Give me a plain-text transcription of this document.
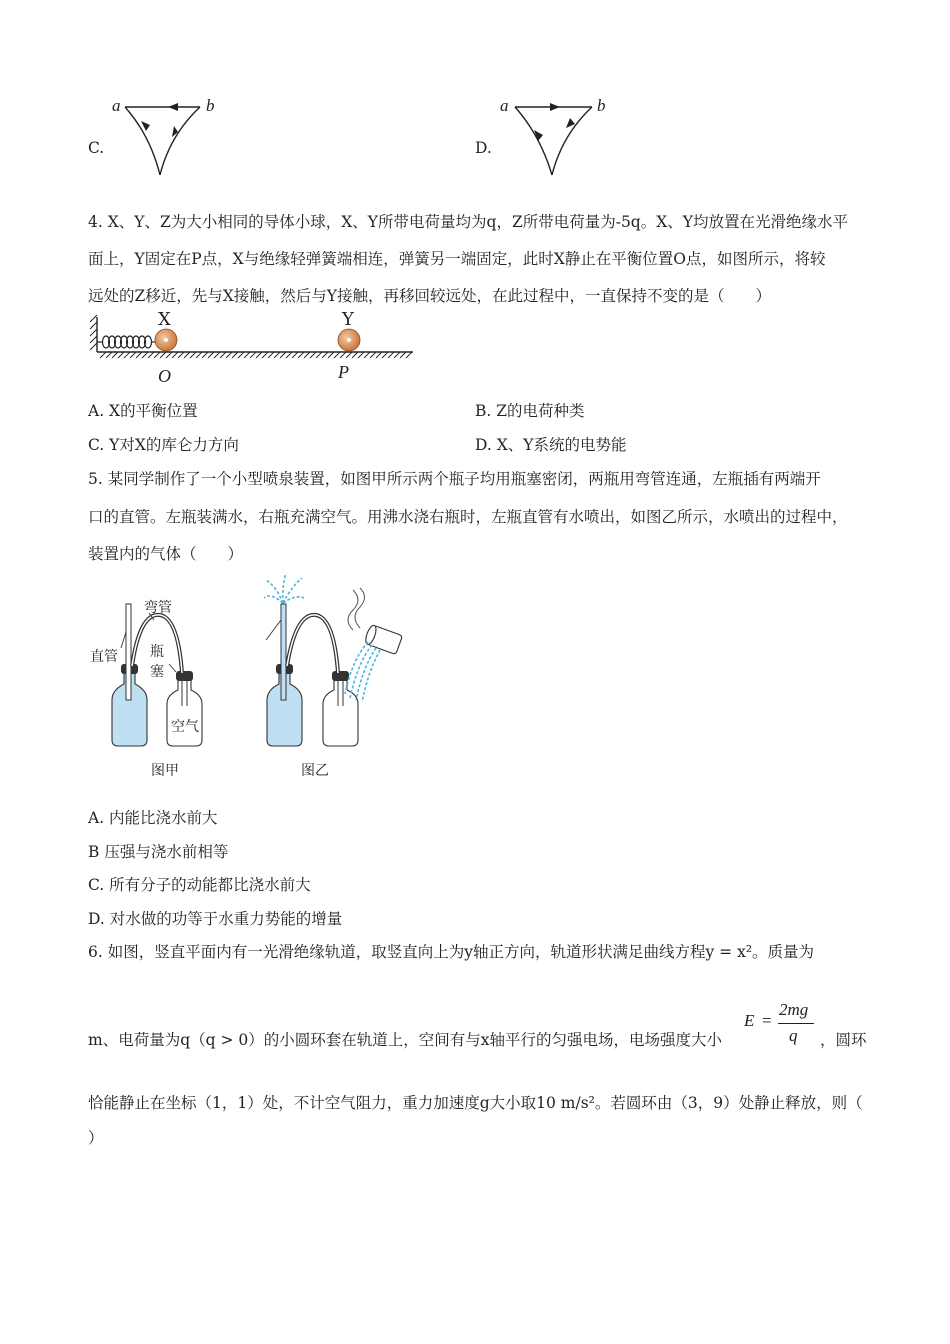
C.
a	b
D.
a	b
4. X、Y、Z为大小相同的导体小球，X、Y所带电荷量均为q，Z所带电荷量为-5q。X、Y均放置在光滑绝缘水平
面上，Y固定在P点，X与绝缘轻弹簧端相连，弹簧另一端固定，此时X静止在平衡位置O点，如图所示，将较
远处的Z移近，先与X接触，然后与Y接触，再移回较远处，在此过程中，一直保持不变的是（　　）
X	Y
O	P
A. X的平衡位置	B. Z的电荷种类
C. Y对X的库仑力方向	D. X、Y系统的电势能
5. 某同学制作了一个小型喷泉装置，如图甲所示两个瓶子均用瓶塞密闭，两瓶用弯管连通，左瓶插有两端开
口的直管。左瓶装满水，右瓶充满空气。用沸水浇右瓶时，左瓶直管有水喷出，如图乙所示，水喷出的过程中，
装置内的气体（　　）
弯管
直管 瓶
塞
空气
图甲	图乙
A. 内能比浇水前大
B 压强与浇水前相等
C. 所有分子的动能都比浇水前大
D. 对水做的功等于水重力势能的增量
6. 如图，竖直平面内有一光滑绝缘轨道，取竖直向上为y轴正方向，轨道形状满足曲线方程y = x²。质量为
m、电荷量为q（q > 0）的小圆环套在轨道上，空间有与x轴平行的匀强电场，电场强度大小
E =
2mg
q ，圆环
恰能静止在坐标（1，1）处，不计空气阻力，重力加速度g大小取10 m/s²。若圆环由（3，9）处静止释放，则（
）
